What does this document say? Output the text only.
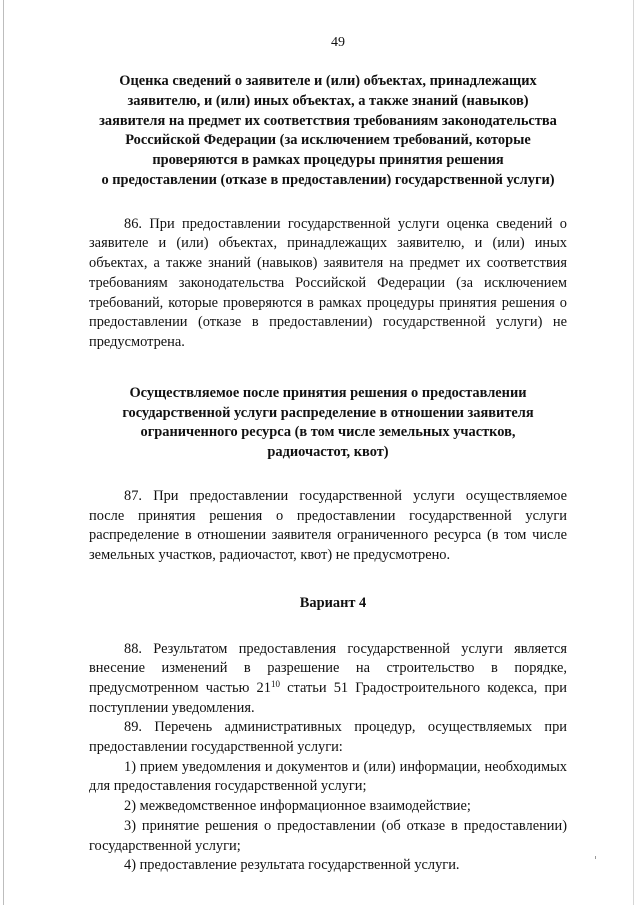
49
Оценка сведений о заявителе и (или) объектах, принадлежащих
заявителю, и (или) иных объектах, а также знаний (навыков)
заявителя на предмет их соответствия требованиям законодательства
Российской Федерации (за исключением требований, которые
проверяются в рамках процедуры принятия решения
о предоставлении (отказе в предоставлении) государственной услуги)

86. При предоставлении государственной услуги оценка сведений о заявителе и (или) объектах, принадлежащих заявителю, и (или) иных объектах, а также знаний (навыков) заявителя на предмет их соответствия требованиям законодательства Российской Федерации (за исключением требований, которые проверяются в рамках процедуры принятия решения о предоставлении (отказе в предоставлении) государственной услуги) не предусмотрена.

Осуществляемое после принятия решения о предоставлении
государственной услуги распределение в отношении заявителя
ограниченного ресурса (в том числе земельных участков,
радиочастот, квот)

87. При предоставлении государственной услуги осуществляемое после принятия решения о предоставлении государственной услуги распределение в отношении заявителя ограниченного ресурса (в том числе земельных участков, радиочастот, квот) не предусмотрено.

Вариант 4

88. Результатом предоставления государственной услуги является внесение изменений в разрешение на строительство в порядке, предусмотренном частью $21^{10}$ статьи 51 Градостроительного кодекса, при поступлении уведомления.

89. Перечень административных процедур, осуществляемых при предоставлении государственной услуги:

1) прием уведомления и документов и (или) информации, необходимых для предоставления государственной услуги;

2) межведомственное информационное взаимодействие;

3) принятие решения о предоставлении (об отказе в предоставлении) государственной услуги;

4) предоставление результата государственной услуги.
